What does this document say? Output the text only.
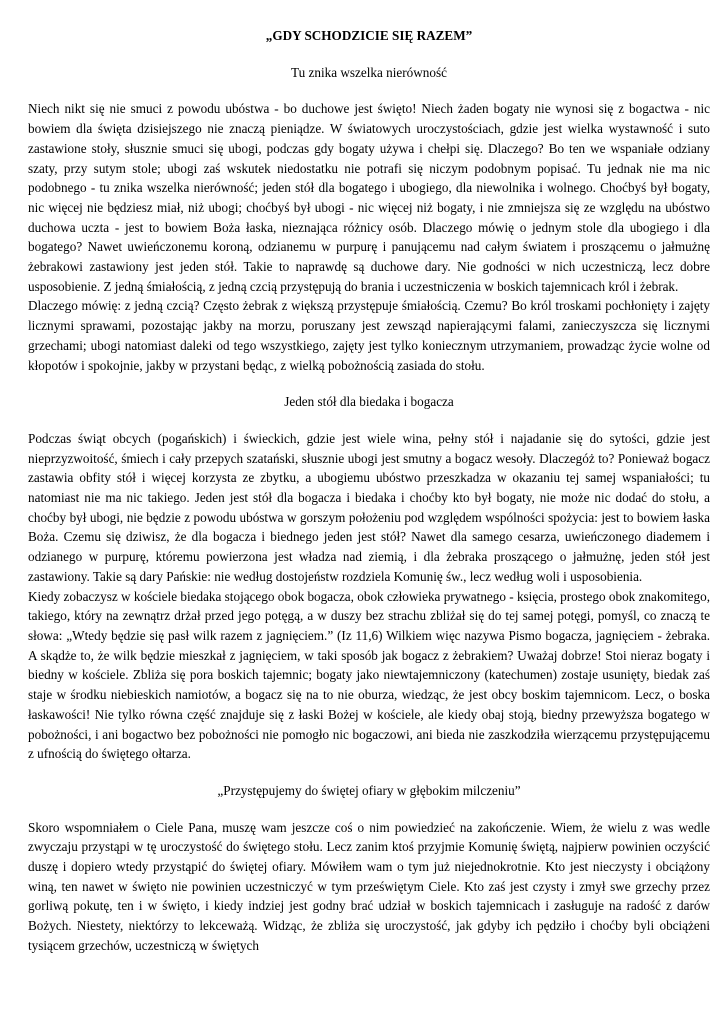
„GDY SCHODZICIE SIĘ RAZEM”
Tu znika wszelka nierówność

Niech nikt się nie smuci z powodu ubóstwa - bo duchowe jest święto! Niech żaden bogaty nie wynosi się z bogactwa - nic bowiem dla święta dzisiejszego nie znaczą pieniądze. W światowych uroczystościach, gdzie jest wielka wystawność i suto zastawione stoły, słusznie smuci się ubogi, podczas gdy bogaty używa i chełpi się. Dlaczego? Bo ten we wspaniałe odziany szaty, przy sutym stole; ubogi zaś wskutek niedostatku nie potrafi się niczym podobnym popisać. Tu jednak nie ma nic podobnego - tu znika wszelka nierówność; jeden stół dla bogatego i ubogiego, dla niewolnika i wolnego. Choćbyś był bogaty, nic więcej nie będziesz miał, niż ubogi; choćbyś był ubogi - nic więcej niż bogaty, i nie zmniejsza się ze względu na ubóstwo duchowa uczta - jest to bowiem Boża łaska, nieznająca różnicy osób. Dlaczego mówię o jednym stole dla ubogiego i dla bogatego? Nawet uwieńczonemu koroną, odzianemu w purpurę i panującemu nad całym światem i proszącemu o jałmużnę żebrakowi zastawiony jest jeden stół. Takie to naprawdę są duchowe dary. Nie godności w nich uczestniczą, lecz dobre usposobienie. Z jedną śmiałością, z jedną czcią przystępują do brania i uczestniczenia w boskich tajemnicach król i żebrak.

Dlaczego mówię: z jedną czcią? Często żebrak z większą przystępuje śmiałością. Czemu? Bo król troskami pochłonięty i zajęty licznymi sprawami, pozostając jakby na morzu, poruszany jest zewsząd napierającymi falami, zanieczyszcza się licznymi grzechami; ubogi natomiast daleki od tego wszystkiego, zajęty jest tylko koniecznym utrzymaniem, prowadząc życie wolne od kłopotów i spokojnie, jakby w przystani będąc, z wielką pobożnością zasiada do stołu.

Jeden stół dla biedaka i bogacza

Podczas świąt obcych (pogańskich) i świeckich, gdzie jest wiele wina, pełny stół i najadanie się do sytości, gdzie jest nieprzyzwoitość, śmiech i cały przepych szatański, słusznie ubogi jest smutny a bogacz wesoły. Dlaczegóż to? Ponieważ bogacz zastawia obfity stół i więcej korzysta ze zbytku, a ubogiemu ubóstwo przeszkadza w okazaniu tej samej wspaniałości; tu natomiast nie ma nic takiego. Jeden jest stół dla bogacza i biedaka i choćby kto był bogaty, nie może nic dodać do stołu, a choćby był ubogi, nie będzie z powodu ubóstwa w gorszym położeniu pod względem wspólności spożycia: jest to bowiem łaska Boża. Czemu się dziwisz, że dla bogacza i biednego jeden jest stół? Nawet dla samego cesarza, uwieńczonego diademem i odzianego w purpurę, któremu powierzona jest władza nad ziemią, i dla żebraka proszącego o jałmużnę, jeden stół jest zastawiony. Takie są dary Pańskie: nie według dostojeństw rozdziela Komunię św., lecz według woli i usposobienia.

Kiedy zobaczysz w kościele biedaka stojącego obok bogacza, obok człowieka prywatnego - księcia, prostego obok znakomitego, takiego, który na zewnątrz drżał przed jego potęgą, a w duszy bez strachu zbliżał się do tej samej potęgi, pomyśl, co znaczą te słowa: „Wtedy będzie się pasł wilk razem z jagnięciem.” (Iz 11,6) Wilkiem więc nazywa Pismo bogacza, jagnięciem - żebraka. A skądże to, że wilk będzie mieszkał z jagnięciem, w taki sposób jak bogacz z żebrakiem? Uważaj dobrze! Stoi nieraz bogaty i biedny w kościele. Zbliża się pora boskich tajemnic; bogaty jako niewtajemniczony (katechumen) zostaje usunięty, biedak zaś staje w środku niebieskich namiotów, a bogacz się na to nie oburza, wiedząc, że jest obcy boskim tajemnicom. Lecz, o boska łaskawości! Nie tylko równa część znajduje się z łaski Bożej w kościele, ale kiedy obaj stoją, biedny przewyższa bogatego w pobożności, i ani bogactwo bez pobożności nie pomogło nic bogaczowi, ani bieda nie zaszkodziła wierzącemu przystępującemu z ufnością do świętego ołtarza.

„Przystępujemy do świętej ofiary w głębokim milczeniu”

Skoro wspomniałem o Ciele Pana, muszę wam jeszcze coś o nim powiedzieć na zakończenie. Wiem, że wielu z was wedle zwyczaju przystąpi w tę uroczystość do świętego stołu. Lecz zanim ktoś przyjmie Komunię świętą, najpierw powinien oczyścić duszę i dopiero wtedy przystąpić do świętej ofiary. Mówiłem wam o tym już niejednokrotnie. Kto jest nieczysty i obciążony winą, ten nawet w święto nie powinien uczestniczyć w tym przeświętym Ciele. Kto zaś jest czysty i zmył swe grzechy przez gorliwą pokutę, ten i w święto, i kiedy indziej jest godny brać udział w boskich tajemnicach i zasługuje na radość z darów Bożych. Niestety, niektórzy to lekceważą. Widząc, że zbliża się uroczystość, jak gdyby ich pędziło i choćby byli obciążeni tysiącem grzechów, uczestniczą w świętych
